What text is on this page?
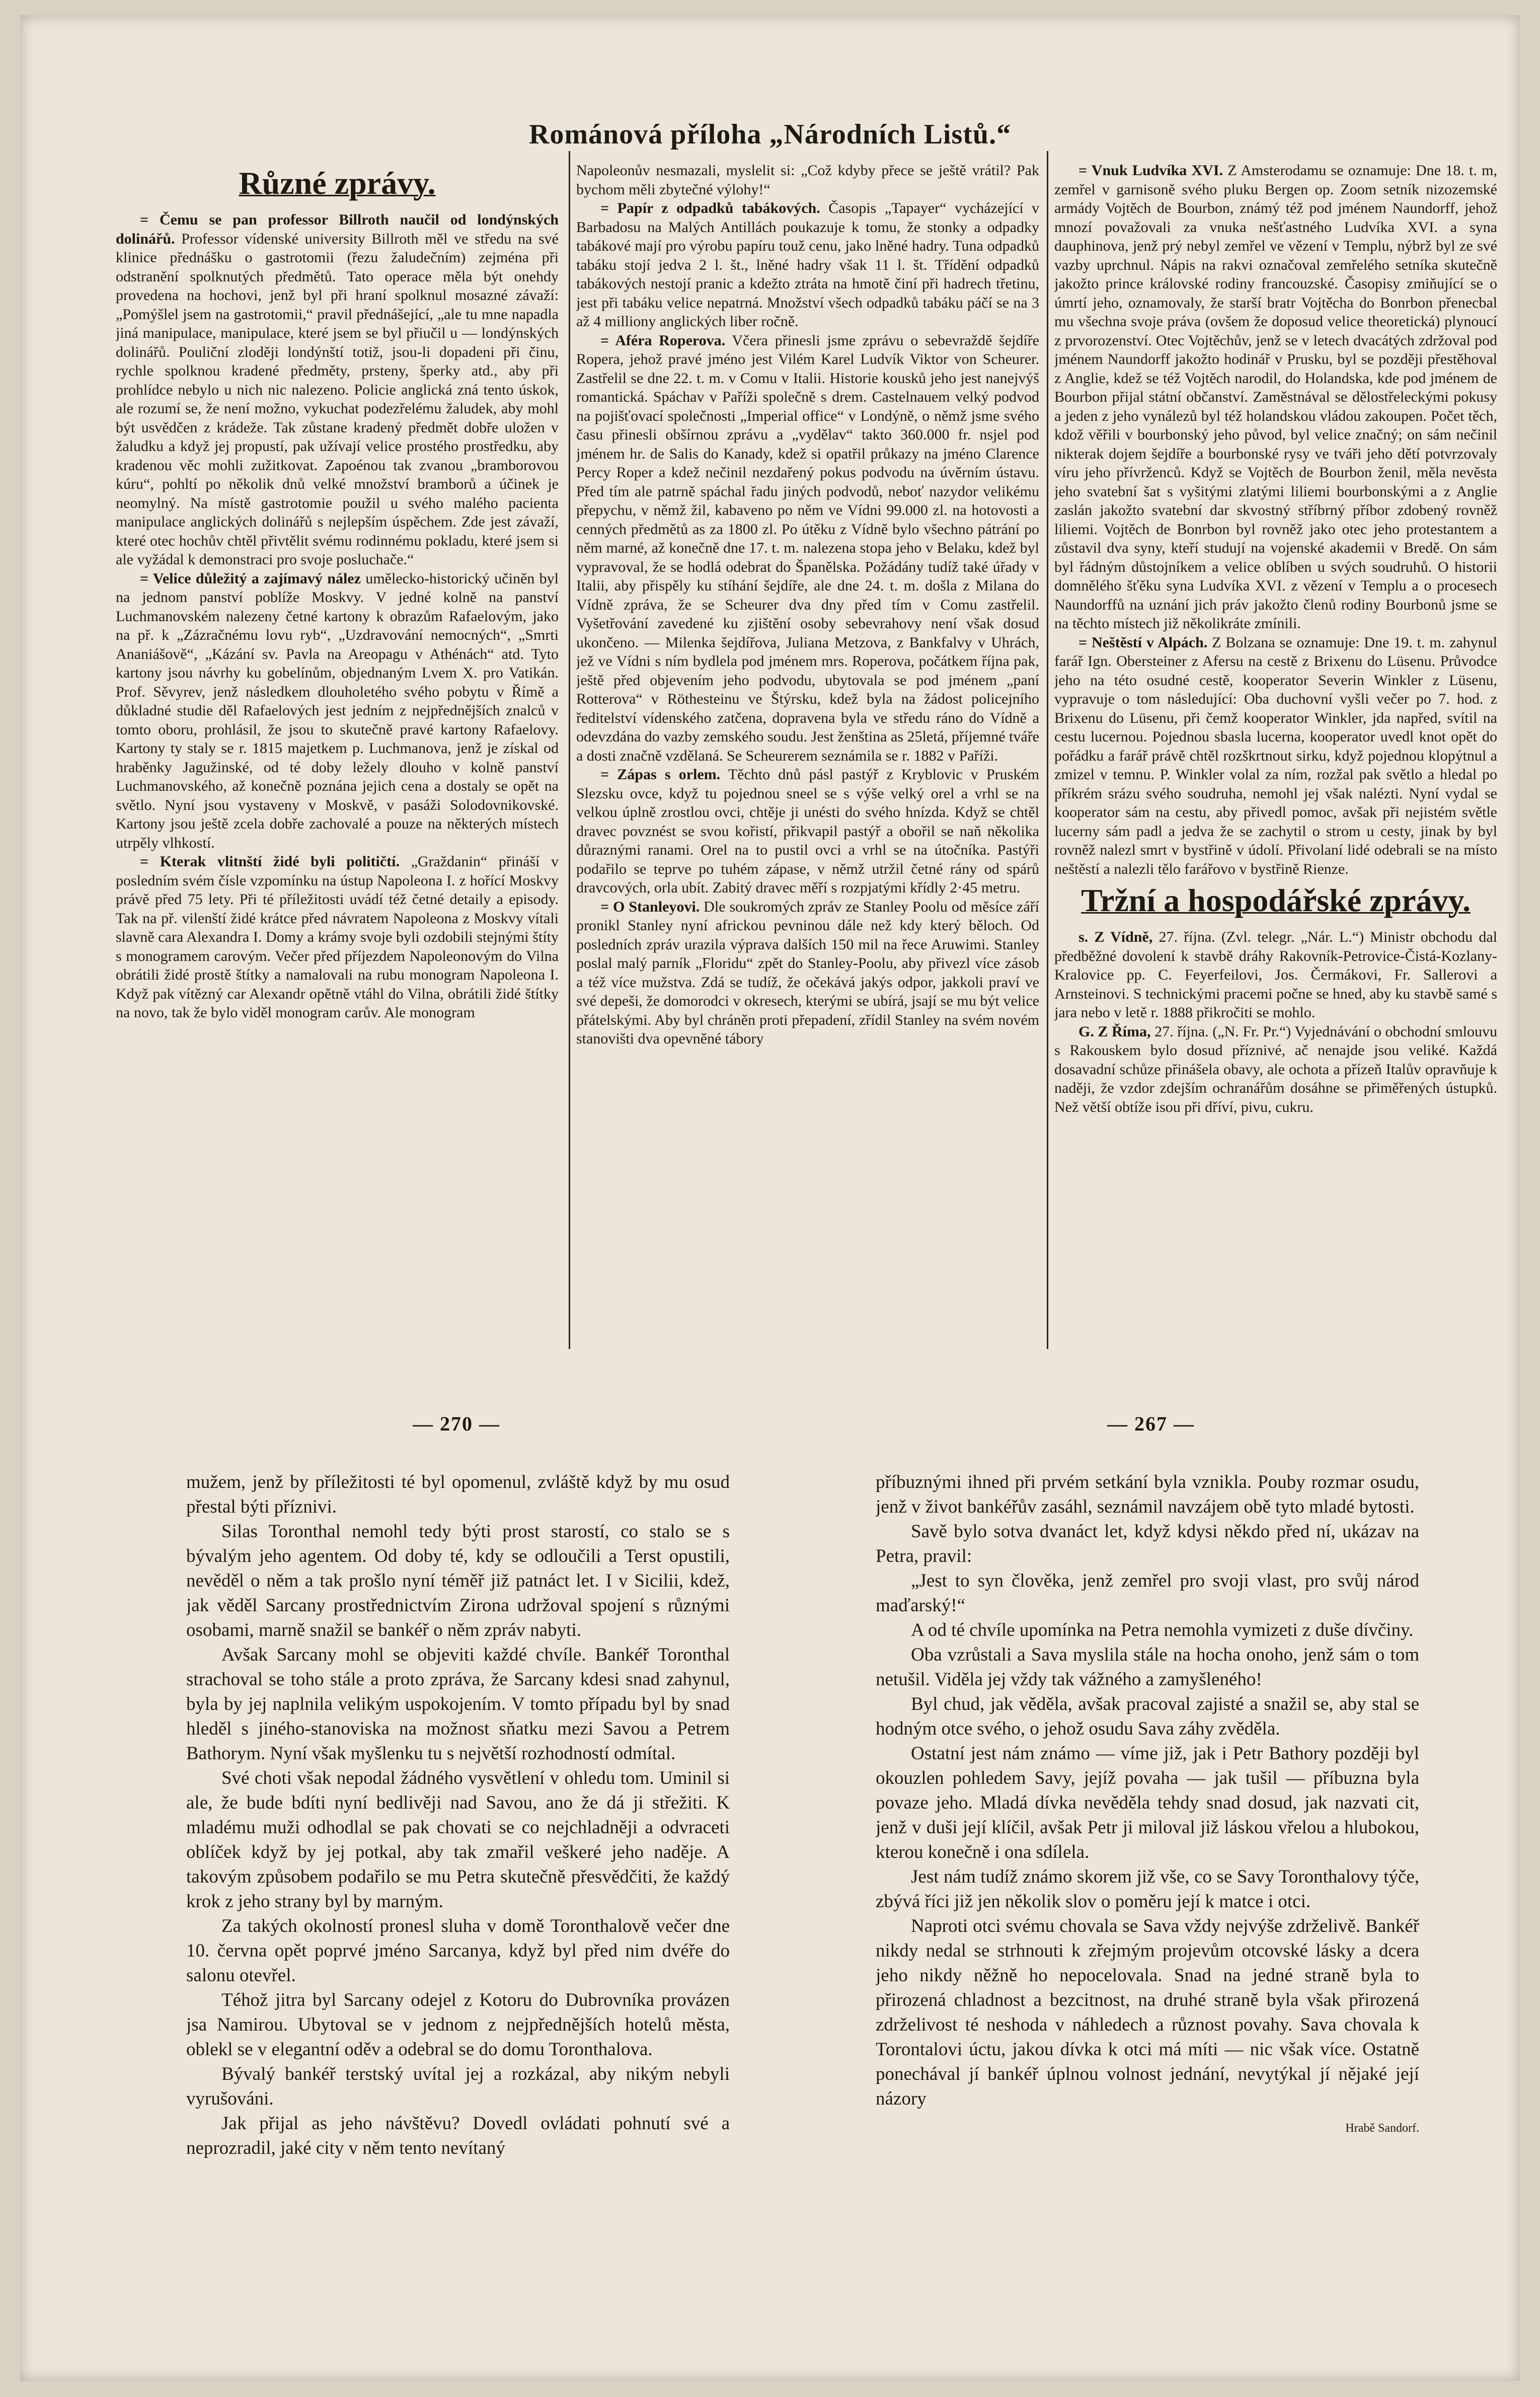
Románová příloha „Národních Listů.“
Různé zprávy.

= Čemu se pan professor Billroth naučil od londýnských dolinářů. Professor vídenské university Billroth měl ve středu na své klinice přednášku o gastrotomii (řezu žaludečním) zejména při odstranění spolknutých předmětů. Tato operace měla být onehdy provedena na hochovi, jenž byl při hraní spolknul mosazné závaží: „Pomýšlel jsem na gastrotomii,“ pravil přednášející, „ale tu mne napadla jiná manipulace, manipulace, které jsem se byl přiučil u — londýnských dolinářů. Pouliční zloději londýnští totiž, jsou-li dopadeni při činu, rychle spolknou kradené předměty, prsteny, šperky atd., aby při prohlídce nebylo u nich nic nalezeno. Policie anglická zná tento úskok, ale rozumí se, že není možno, vykuchat podezřelému žaludek, aby mohl být usvědčen z krádeže. Tak zůstane kradený předmět dobře uložen v žaludku a když jej propustí, pak užívají velice prostého prostředku, aby kradenou věc mohli zužitkovat. Zapoénou tak zvanou „bramborovou kúru“, pohltí po několik dnů velké množství bramborů a účinek je neomylný. Na místě gastrotomie použil u svého malého pacienta manipulace anglických dolinářů s nejlepším úspěchem. Zde jest závaží, které otec hochův chtěl přivtělit svému rodinnému pokladu, které jsem si ale vyžádal k demonstraci pro svoje posluchače.“

= Velice důležitý a zajímavý nález umělecko-historický učiněn byl na jednom panství poblíže Moskvy. V jedné kolně na panství Luchmanovském nalezeny četné kartony k obrazům Rafaelovým, jako na př. k „Zázračnému lovu ryb“, „Uzdravování nemocných“, „Smrti Ananiášově“, „Kázání sv. Pavla na Areopagu v Athénách“ atd. Tyto kartony jsou návrhy ku gobelínům, objednaným Lvem X. pro Vatikán. Prof. Sěvyrev, jenž následkem dlouholetého svého pobytu v Římě a důkladné studie děl Rafaelových jest jedním z nejpřednějších znalců v tomto oboru, prohlásil, že jsou to skutečně pravé kartony Rafaelovy. Kartony ty staly se r. 1815 majetkem p. Luchmanova, jenž je získal od hraběnky Jagužinské, od té doby ležely dlouho v kolně panství Luchmanovského, až konečně poznána jejich cena a dostaly se opět na světlo. Nyní jsou vystaveny v Moskvě, v pasáži Solodovnikovské. Kartony jsou ještě zcela dobře zachovalé a pouze na některých místech utrpěly vlhkostí.

= Kterak vlitnští židé byli političtí. „Graždanin“ přináší v posledním svém čísle vzpomínku na ústup Napoleona I. z hořící Moskvy právě před 75 lety. Při té příležitosti uvádí též četné detaily a episody. Tak na př. vilenští židé krátce před návratem Napoleona z Moskvy vítali slavně cara Alexandra I. Domy a krámy svoje byli ozdobili stejnými štíty s monogramem carovým. Večer před příjezdem Napoleonovým do Vilna obrátili židé prostě štítky a namalovali na rubu monogram Napoleona I. Když pak vítězný car Alexandr opětně vtáhl do Vilna, obrátili židé štítky na novo, tak že bylo viděl monogram carův. Ale monogram

Napoleonův nesmazali, myslelit si: „Což kdyby přece se ještě vrátil? Pak bychom měli zbytečné výlohy!“

= Papír z odpadků tabákových. Časopis „Tapayer“ vycházející v Barbadosu na Malých Antillách poukazuje k tomu, že stonky a odpadky tabákové mají pro výrobu papíru touž cenu, jako lněné hadry. Tuna odpadků tabáku stojí jedva 2 l. št., lněné hadry však 11 l. št. Třídění odpadků tabákových nestojí pranic a kdežto ztráta na hmotě činí při hadrech třetinu, jest při tabáku velice nepatrná. Množství všech odpadků tabáku páčí se na 3 až 4 milliony anglických liber ročně.

= Aféra Roperova. Včera přinesli jsme zprávu o sebevraždě šejdíře Ropera, jehož pravé jméno jest Vilém Karel Ludvík Viktor von Scheurer. Zastřelil se dne 22. t. m. v Comu v Italii. Historie kousků jeho jest nanejvýš romantická. Spáchav v Paříži společně s drem. Castelnauem velký podvod na pojišťovací společnosti „Imperial office“ v Londýně, o němž jsme svého času přinesli obšírnou zprávu a „vydělav“ takto 360.000 fr. nsjel pod jménem hr. de Salis do Kanady, kdež si opatřil průkazy na jméno Clarence Percy Roper a kdež nečinil nezdařený pokus podvodu na úvěrním ústavu. Před tím ale patrně spáchal řadu jiných podvodů, neboť nazydor velikému přepychu, v němž žil, kabaveno po něm ve Vídni 99.000 zl. na hotovosti a cenných předmětů as za 1800 zl. Po útěku z Vídně bylo všechno pátrání po něm marné, až konečně dne 17. t. m. nalezena stopa jeho v Belaku, kdež byl vypravoval, že se hodlá odebrat do Španělska. Požádány tudíž také úřady v Italii, aby přispěly ku stíhání šejdíře, ale dne 24. t. m. došla z Milana do Vídně zpráva, že se Scheurer dva dny před tím v Comu zastřelil. Vyšetřování zavedené ku zjištění osoby sebevrahovy není však dosud ukončeno. — Milenka šejdířova, Juliana Metzova, z Bankfalvy v Uhrách, jež ve Vídni s ním bydlela pod jménem mrs. Roperova, počátkem října pak, ještě před objevením jeho podvodu, ubytovala se pod jménem „paní Rotterova“ v Röthesteinu ve Štýrsku, kdež byla na žádost policejního ředitelství vídenského zatčena, dopravena byla ve středu ráno do Vídně a odevzdána do vazby zemského soudu. Jest ženština as 25letá, příjemné tváře a dosti značně vzdělaná. Se Scheurerem seznámila se r. 1882 v Paříži.

= Zápas s orlem. Těchto dnů pásl pastýř z Kryblovic v Pruském Slezsku ovce, když tu pojednou sneel se s výše velký orel a vrhl se na velkou úplně zrostlou ovci, chtěje ji unésti do svého hnízda. Když se chtěl dravec povznést se svou kořistí, přikvapil pastýř a obořil se naň několika důraznými ranami. Orel na to pustil ovci a vrhl se na útočníka. Pastýři podařilo se teprve po tuhém zápase, v němž utržil četné rány od spárů dravcových, orla ubít. Zabitý dravec měří s rozpjatými křídly 2·45 metru.

= O Stanleyovi. Dle soukromých zpráv ze Stanley Poolu od měsíce září pronikl Stanley nyní africkou pevninou dále než kdy který běloch. Od posledních zpráv urazila výprava dalších 150 mil na řece Aruwimi. Stanley poslal malý parník „Floridu“ zpět do Stanley-Poolu, aby přivezl více zásob a též více mužstva. Zdá se tudíž, že očekává jakýs odpor, jakkoli praví ve své depeši, že domorodci v okresech, kterými se ubírá, jsají se mu být velice přátelskými. Aby byl chráněn proti přepadení, zřídil Stanley na svém novém stanovišti dva opevněné tábory

= Vnuk Ludvíka XVI. Z Amsterodamu se oznamuje: Dne 18. t. m, zemřel v garnisoně svého pluku Bergen op. Zoom setník nizozemské armády Vojtěch de Bourbon, známý též pod jménem Naundorff, jehož mnozí považovali za vnuka nešťastného Ludvíka XVI. a syna dauphinova, jenž prý nebyl zemřel ve vězení v Templu, nýbrž byl ze své vazby uprchnul. Nápis na rakvi označoval zemřelého setníka skutečně jakožto prince královské rodiny francouzské. Časopisy zmiňující se o úmrtí jeho, oznamovaly, že starší bratr Vojtěcha do Bonrbon přenecbal mu všechna svoje práva (ovšem že doposud velice theoretická) plynoucí z prvorozenství. Otec Vojtěchův, jenž se v letech dvacátých zdržoval pod jménem Naundorff jakožto hodinář v Prusku, byl se později přestěhoval z Anglie, kdež se též Vojtěch narodil, do Holandska, kde pod jménem de Bourbon přijal státní občanství. Zaměstnával se dělostřeleckými pokusy a jeden z jeho vynálezů byl též holandskou vládou zakoupen. Počet těch, kdož věřili v bourbonský jeho původ, byl velice značný; on sám nečinil nikterak dojem šejdíře a bourbonské rysy ve tváři jeho dětí potvrzovaly víru jeho přívrženců. Když se Vojtěch de Bourbon ženil, měla nevěsta jeho svatební šat s vyšitými zlatými liliemi bourbonskými a z Anglie zaslán jakožto svatební dar skvostný stříbrný příbor zdobený rovněž liliemi. Vojtěch de Bonrbon byl rovněž jako otec jeho protestantem a zůstavil dva syny, kteří studují na vojenské akademii v Bredě. On sám byl řádným důstojníkem a velice oblíben u svých soudruhů. O historii domnělého šťěku syna Ludvíka XVI. z vězení v Templu a o procesech Naundorffů na uznání jich práv jakožto členů rodiny Bourbonů jsme se na těchto místech již několikráte zmínili.

= Neštěstí v Alpách. Z Bolzana se oznamuje: Dne 19. t. m. zahynul farář Ign. Obersteiner z Afersu na cestě z Brixenu do Lüsenu. Průvodce jeho na této osudné cestě, kooperator Severin Winkler z Lüsenu, vypravuje o tom následující: Oba duchovní vyšli večer po 7. hod. z Brixenu do Lüsenu, při čemž kooperator Winkler, jda napřed, svítil na cestu lucernou. Pojednou sbasla lucerna, kooperator uvedl knot opět do pořádku a farář právě chtěl rozškrtnout sirku, když pojednou klopýtnul a zmizel v temnu. P. Winkler volal za ním, rozžal pak světlo a hledal po příkrém srázu svého soudruha, nemohl jej však nalézti. Nyní vydal se kooperator sám na cestu, aby přivedl pomoc, avšak při nejistém světle lucerny sám padl a jedva že se zachytil o strom u cesty, jinak by byl rovněž nalezl smrt v bystřině v údolí. Přivolaní lidé odebrali se na místo neštěstí a nalezli tělo farářovo v bystřině Rienze.

Tržní a hospodářské zprávy.

s. Z Vídně, 27. října. (Zvl. telegr. „Nár. L.“) Ministr obchodu dal předběžné dovolení k stavbě dráhy Rakovník-Petrovice-Čistá-Kozlany-Kralovice pp. C. Feyerfeilovi, Jos. Čermákovi, Fr. Sallerovi a Arnsteinovi. S technickými pracemi počne se hned, aby ku stavbě samé s jara nebo v letě r. 1888 přikročiti se mohlo.

G. Z Říma, 27. října. („N. Fr. Pr.“) Vyjednávání o obchodní smlouvu s Rakouskem bylo dosud příznivé, ač nenajde jsou veliké. Každá dosavadní schůze přinášela obavy, ale ochota a přízeň Italův opravňuje k naději, že vzdor zdejším ochranářům dosáhne se přiměřených ústupků. Než větší obtíže isou při dříví, pivu, cukru.

— 270 —	— 267 —

mužem, jenž by příležitosti té byl opomenul, zvláště když by mu osud přestal býti příznivi.

Silas Toronthal nemohl tedy býti prost starostí, co stalo se s bývalým jeho agentem. Od doby té, kdy se odloučili a Terst opustili, nevěděl o něm a tak prošlo nyní téměř již patnáct let. I v Sicilii, kdež, jak věděl Sarcany prostřednictvím Zirona udržoval spojení s různými osobami, marně snažil se bankéř o něm zpráv nabyti.

Avšak Sarcany mohl se objeviti každé chvíle. Bankéř Toronthal strachoval se toho stále a proto zpráva, že Sarcany kdesi snad zahynul, byla by jej naplnila velikým uspokojením. V tomto případu byl by snad hleděl s jiného-stanoviska na možnost sňatku mezi Savou a Petrem Bathorym. Nyní však myšlenku tu s největší rozhodností odmítal.

Své choti však nepodal žádného vysvětlení v ohledu tom. Uminil si ale, že bude bdíti nyní bedlivěji nad Savou, ano že dá ji střežiti. K mladému muži odhodlal se pak chovati se co nejchladněji a odvraceti oblíček když by jej potkal, aby tak zmařil veškeré jeho naděje. A takovým způsobem podařilo se mu Petra skutečně přesvědčiti, že každý krok z jeho strany byl by marným.

Za takých okolností pronesl sluha v domě Toronthalově večer dne 10. června opět poprvé jméno Sarcanya, když byl před nim dvéře do salonu otevřel.

Téhož jitra byl Sarcany odejel z Kotoru do Dubrovníka provázen jsa Namirou. Ubytoval se v jednom z nejpřednějších hotelů města, oblekl se v elegantní oděv a odebral se do domu Toronthalova.

Bývalý bankéř terstský uvítal jej a rozkázal, aby nikým nebyli vyrušováni.

Jak přijal as jeho návštěvu? Dovedl ovládati pohnutí své a neprozradil, jaké city v něm tento nevítaný

příbuznými ihned při prvém setkání byla vznikla. Pouby rozmar osudu, jenž v život bankéřův zasáhl, seznámil navzájem obě tyto mladé bytosti.

Savě bylo sotva dvanáct let, když kdysi někdo před ní, ukázav na Petra, pravil:

„Jest to syn člověka, jenž zemřel pro svoji vlast, pro svůj národ maďarský!“

A od té chvíle upomínka na Petra nemohla vymizeti z duše dívčiny.

Oba vzrůstali a Sava myslila stále na hocha onoho, jenž sám o tom netušil. Viděla jej vždy tak vážného a zamyšleného!

Byl chud, jak věděla, avšak pracoval zajisté a snažil se, aby stal se hodným otce svého, o jehož osudu Sava záhy zvěděla.

Ostatní jest nám známo — víme již, jak i Petr Bathory později byl okouzlen pohledem Savy, jejíž povaha — jak tušil — příbuzna byla povaze jeho. Mladá dívka nevěděla tehdy snad dosud, jak nazvati cit, jenž v duši její klíčil, avšak Petr ji miloval již láskou vřelou a hlubokou, kterou konečně i ona sdílela.

Jest nám tudíž známo skorem již vše, co se Savy Toronthalovy týče, zbývá říci již jen několik slov o poměru její k matce i otci.

Naproti otci svému chovala se Sava vždy nejvýše zdrželivě. Bankéř nikdy nedal se strhnouti k zřejmým projevům otcovské lásky a dcera jeho nikdy něžně ho nepocelovala. Snad na jedné straně byla to přirozená chladnost a bezcitnost, na druhé straně byla však přirozená zdrželivost té neshoda v náhledech a různost povahy. Sava chovala k Torontalovi úctu, jakou dívka k otci má míti — nic však více. Ostatně ponechával jí bankéř úplnou volnost jednání, nevytýkal jí nějaké její názory

Hrabě Sandorf.
